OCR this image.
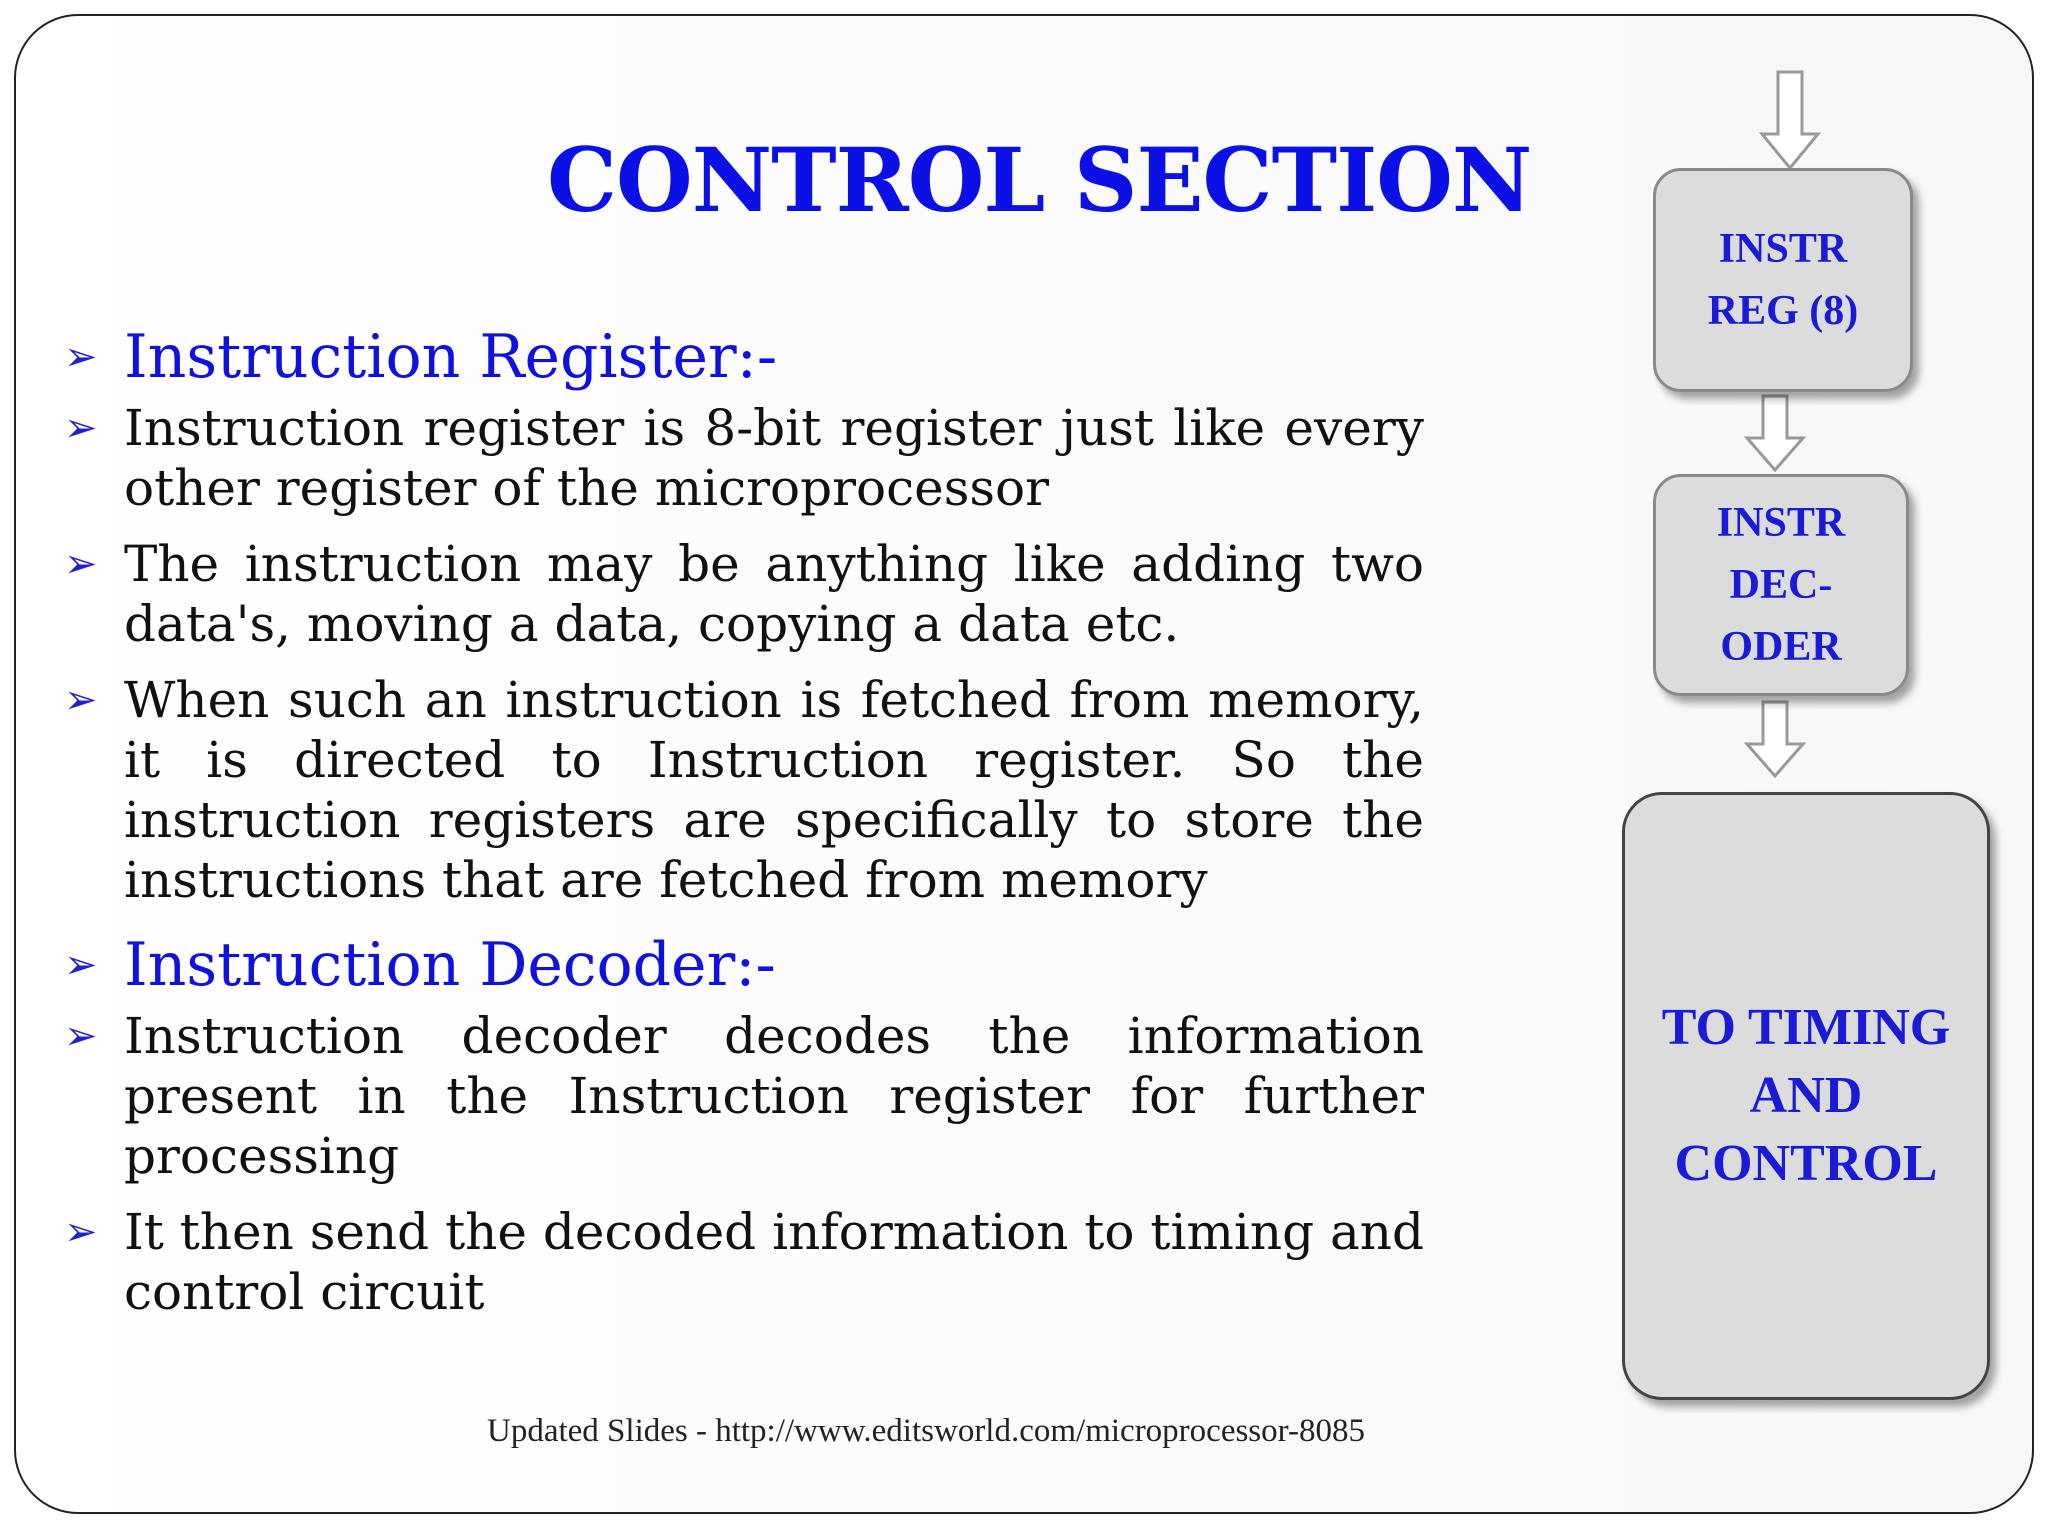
CONTROL SECTION
➢ Instruction Register:-
➢ Instruction register is 8-bit register just like every other register of the microprocessor
➢ The instruction may be anything like adding two data's, moving a data, copying a data etc.
➢ When such an instruction is fetched from memory, it is directed to Instruction register. So the instruction registers are specifically to store the instructions that are fetched from memory
➢ Instruction Decoder:-
➢ Instruction decoder decodes the information present in the Instruction register for further processing
➢ It then send the decoded information to timing and control circuit
INSTR
REG (8)
INSTR
DEC-
ODER
TO TIMING
AND
CONTROL
Updated Slides - http://www.editsworld.com/microprocessor-8085
